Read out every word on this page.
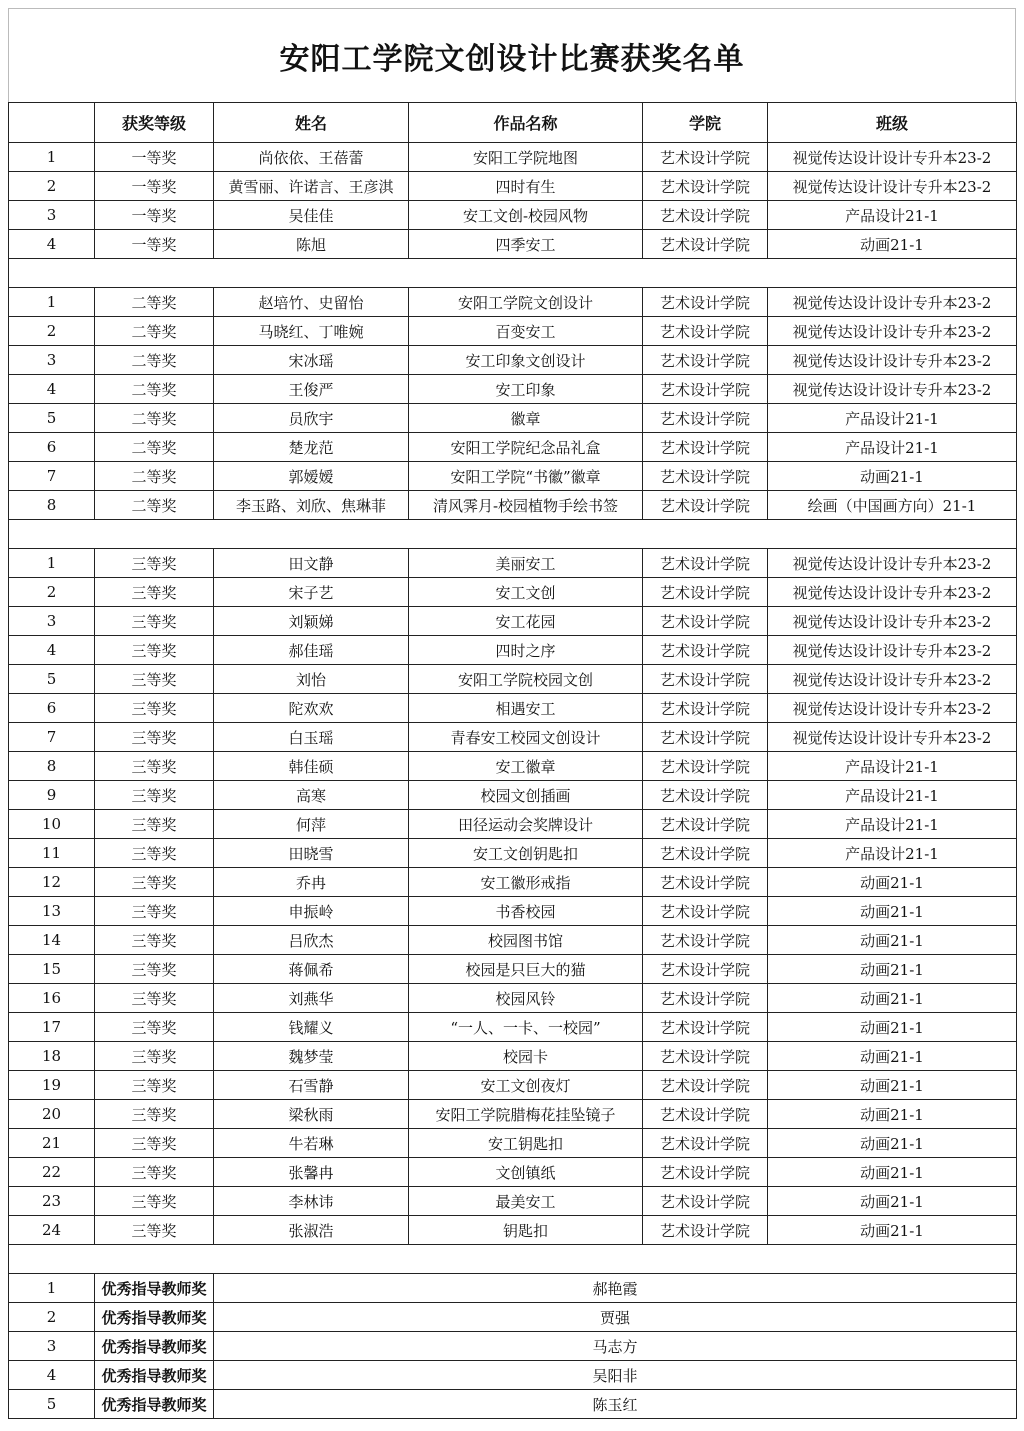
安阳工学院文创设计比赛获奖名单
	获奖等级	姓名	作品名称	学院	班级
1	一等奖	尚依依、王蓓蕾	安阳工学院地图	艺术设计学院	视觉传达设计设计专升本23-2
2	一等奖	黄雪丽、许诺言、王彦淇	四时有生	艺术设计学院	视觉传达设计设计专升本23-2
3	一等奖	吴佳佳	安工文创-校园风物	艺术设计学院	产品设计21-1
4	一等奖	陈旭	四季安工	艺术设计学院	动画21-1

1	二等奖	赵培竹、史留怡	安阳工学院文创设计	艺术设计学院	视觉传达设计设计专升本23-2
2	二等奖	马晓红、丁唯婉	百变安工	艺术设计学院	视觉传达设计设计专升本23-2
3	二等奖	宋冰瑶	安工印象文创设计	艺术设计学院	视觉传达设计设计专升本23-2
4	二等奖	王俊严	安工印象	艺术设计学院	视觉传达设计设计专升本23-2
5	二等奖	员欣宇	徽章	艺术设计学院	产品设计21-1
6	二等奖	楚龙范	安阳工学院纪念品礼盒	艺术设计学院	产品设计21-1
7	二等奖	郭嫒嫒	安阳工学院“书徽”徽章	艺术设计学院	动画21-1
8	二等奖	李玉路、刘欣、焦琳菲	清风霁月-校园植物手绘书签	艺术设计学院	绘画（中国画方向）21-1

1	三等奖	田文静	美丽安工	艺术设计学院	视觉传达设计设计专升本23-2
2	三等奖	宋子艺	安工文创	艺术设计学院	视觉传达设计设计专升本23-2
3	三等奖	刘颖娣	安工花园	艺术设计学院	视觉传达设计设计专升本23-2
4	三等奖	郝佳瑶	四时之序	艺术设计学院	视觉传达设计设计专升本23-2
5	三等奖	刘怡	安阳工学院校园文创	艺术设计学院	视觉传达设计设计专升本23-2
6	三等奖	陀欢欢	相遇安工	艺术设计学院	视觉传达设计设计专升本23-2
7	三等奖	白玉瑶	青春安工校园文创设计	艺术设计学院	视觉传达设计设计专升本23-2
8	三等奖	韩佳硕	安工徽章	艺术设计学院	产品设计21-1
9	三等奖	高寒	校园文创插画	艺术设计学院	产品设计21-1
10	三等奖	何萍	田径运动会奖牌设计	艺术设计学院	产品设计21-1
11	三等奖	田晓雪	安工文创钥匙扣	艺术设计学院	产品设计21-1
12	三等奖	乔冉	安工徽形戒指	艺术设计学院	动画21-1
13	三等奖	申振岭	书香校园	艺术设计学院	动画21-1
14	三等奖	吕欣杰	校园图书馆	艺术设计学院	动画21-1
15	三等奖	蒋佩希	校园是只巨大的猫	艺术设计学院	动画21-1
16	三等奖	刘燕华	校园风铃	艺术设计学院	动画21-1
17	三等奖	钱耀义	“一人、一卡、一校园”	艺术设计学院	动画21-1
18	三等奖	魏梦莹	校园卡	艺术设计学院	动画21-1
19	三等奖	石雪静	安工文创夜灯	艺术设计学院	动画21-1
20	三等奖	梁秋雨	安阳工学院腊梅花挂坠镜子	艺术设计学院	动画21-1
21	三等奖	牛若琳	安工钥匙扣	艺术设计学院	动画21-1
22	三等奖	张馨冉	文创镇纸	艺术设计学院	动画21-1
23	三等奖	李林讳	最美安工	艺术设计学院	动画21-1
24	三等奖	张淑浩	钥匙扣	艺术设计学院	动画21-1

1	优秀指导教师奖	郝艳霞			
2	优秀指导教师奖	贾强			
3	优秀指导教师奖	马志方			
4	优秀指导教师奖	吴阳非			
5	优秀指导教师奖	陈玉红			
